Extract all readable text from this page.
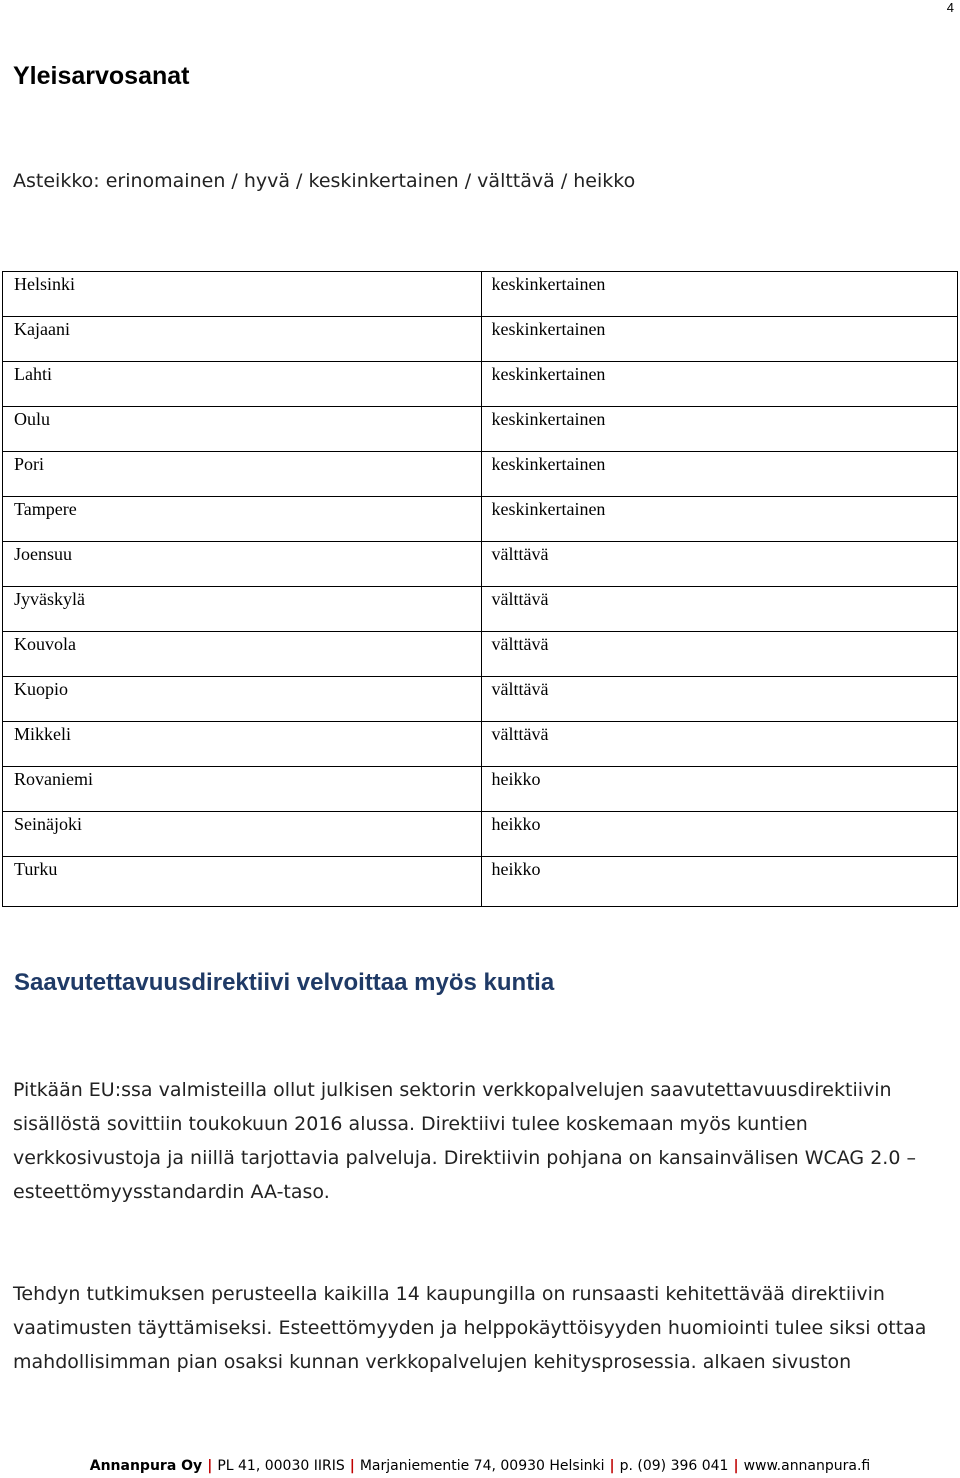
4
Yleisarvosanat

Asteikko: erinomainen / hyvä / keskinkertainen / välttävä / heikko

Helsinki	keskinkertainen
Kajaani	keskinkertainen
Lahti	keskinkertainen
Oulu	keskinkertainen
Pori	keskinkertainen
Tampere	keskinkertainen
Joensuu	välttävä
Jyväskylä	välttävä
Kouvola	välttävä
Kuopio	välttävä
Mikkeli	välttävä
Rovaniemi	heikko
Seinäjoki	heikko
Turku	heikko
Saavutettavuusdirektiivi velvoittaa myös kuntia

Pitkään EU:ssa valmisteilla ollut julkisen sektorin verkkopalvelujen saavutettavuusdirektiivin sisällöstä sovittiin toukokuun 2016 alussa. Direktiivi tulee koskemaan myös kuntien verkkosivustoja ja niillä tarjottavia palveluja. Direktiivin pohjana on kansainvälisen WCAG 2.0 – esteettömyysstandardin AA-taso.

Tehdyn tutkimuksen perusteella kaikilla 14 kaupungilla on runsaasti kehitettävää direktiivin vaatimusten täyttämiseksi. Esteettömyyden ja helppokäyttöisyyden huomiointi tulee siksi ottaa mahdollisimman pian osaksi kunnan verkkopalvelujen kehitysprosessia. alkaen sivuston

Annanpura Oy | PL 41, 00030 IIRIS | Marjaniementie 74, 00930 Helsinki | p. (09) 396 041 | www.annanpura.fi
